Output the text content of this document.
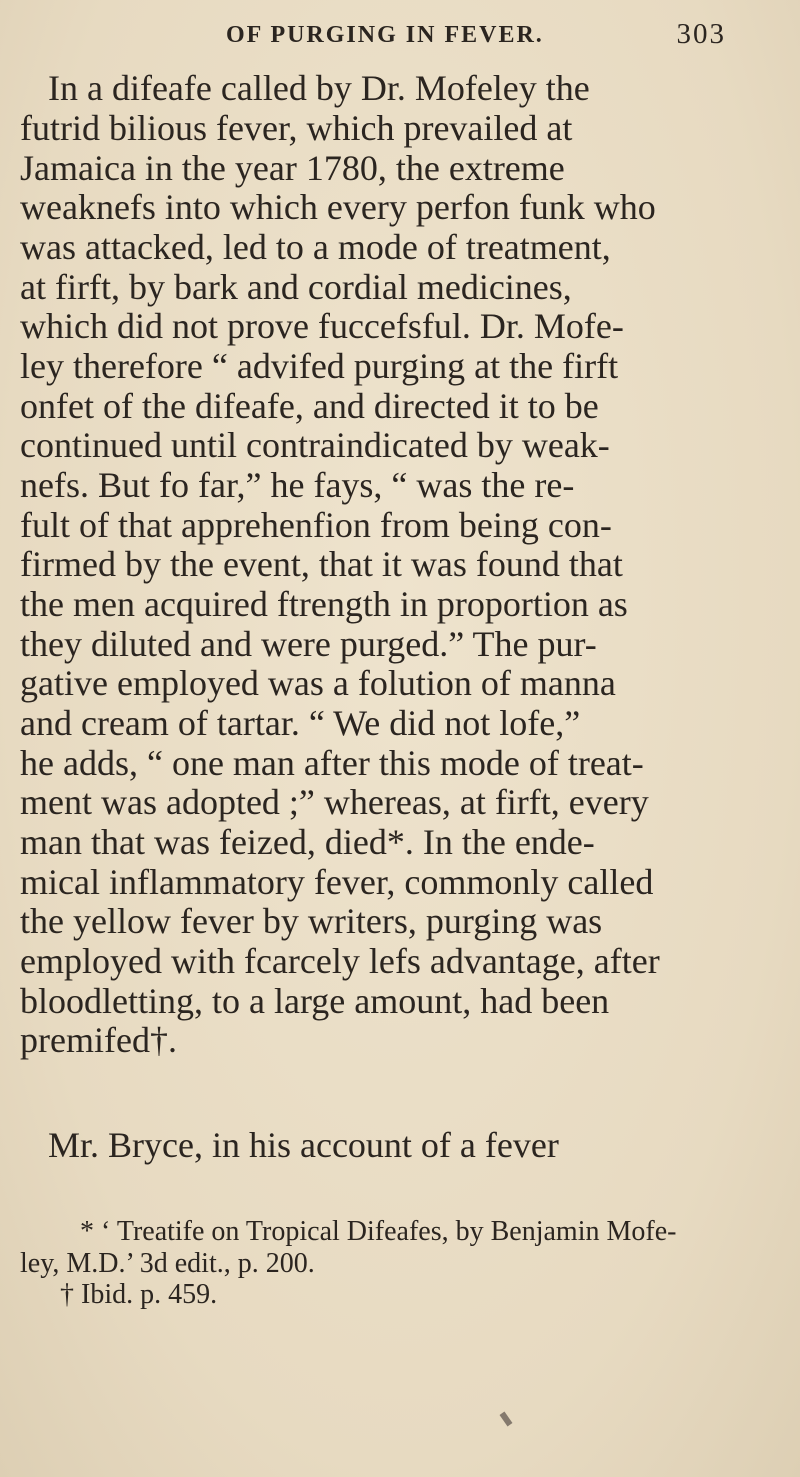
OF PURGING IN FEVER.	303
In a difeafe called by Dr. Mofeley the
futrid bilious fever, which prevailed at
Jamaica in the year 1780, the extreme
weaknefs into which every perfon funk who
was attacked, led to a mode of treatment,
at firft, by bark and cordial medicines,
which did not prove fuccefsful. Dr. Mofe-
ley therefore “ advifed purging at the firft
onfet of the difeafe, and directed it to be
continued until contraindicated by weak-
nefs. But fo far,” he fays, “ was the re-
fult of that apprehenfion from being con-
firmed by the event, that it was found that
the men acquired ftrength in proportion as
they diluted and were purged.” The pur-
gative employed was a folution of manna
and cream of tartar. “ We did not lofe,”
he adds, “ one man after this mode of treat-
ment was adopted ;” whereas, at firft, every
man that was feized, died*. In the ende-
mical inflammatory fever, commonly called
the yellow fever by writers, purging was
employed with fcarcely lefs advantage, after
bloodletting, to a large amount, had been
premifed†.
Mr. Bryce, in his account of a fever
* ‘ Treatife on Tropical Difeafes, by Benjamin Mofe-
ley, M.D.’ 3d edit., p. 200.
† Ibid. p. 459.
